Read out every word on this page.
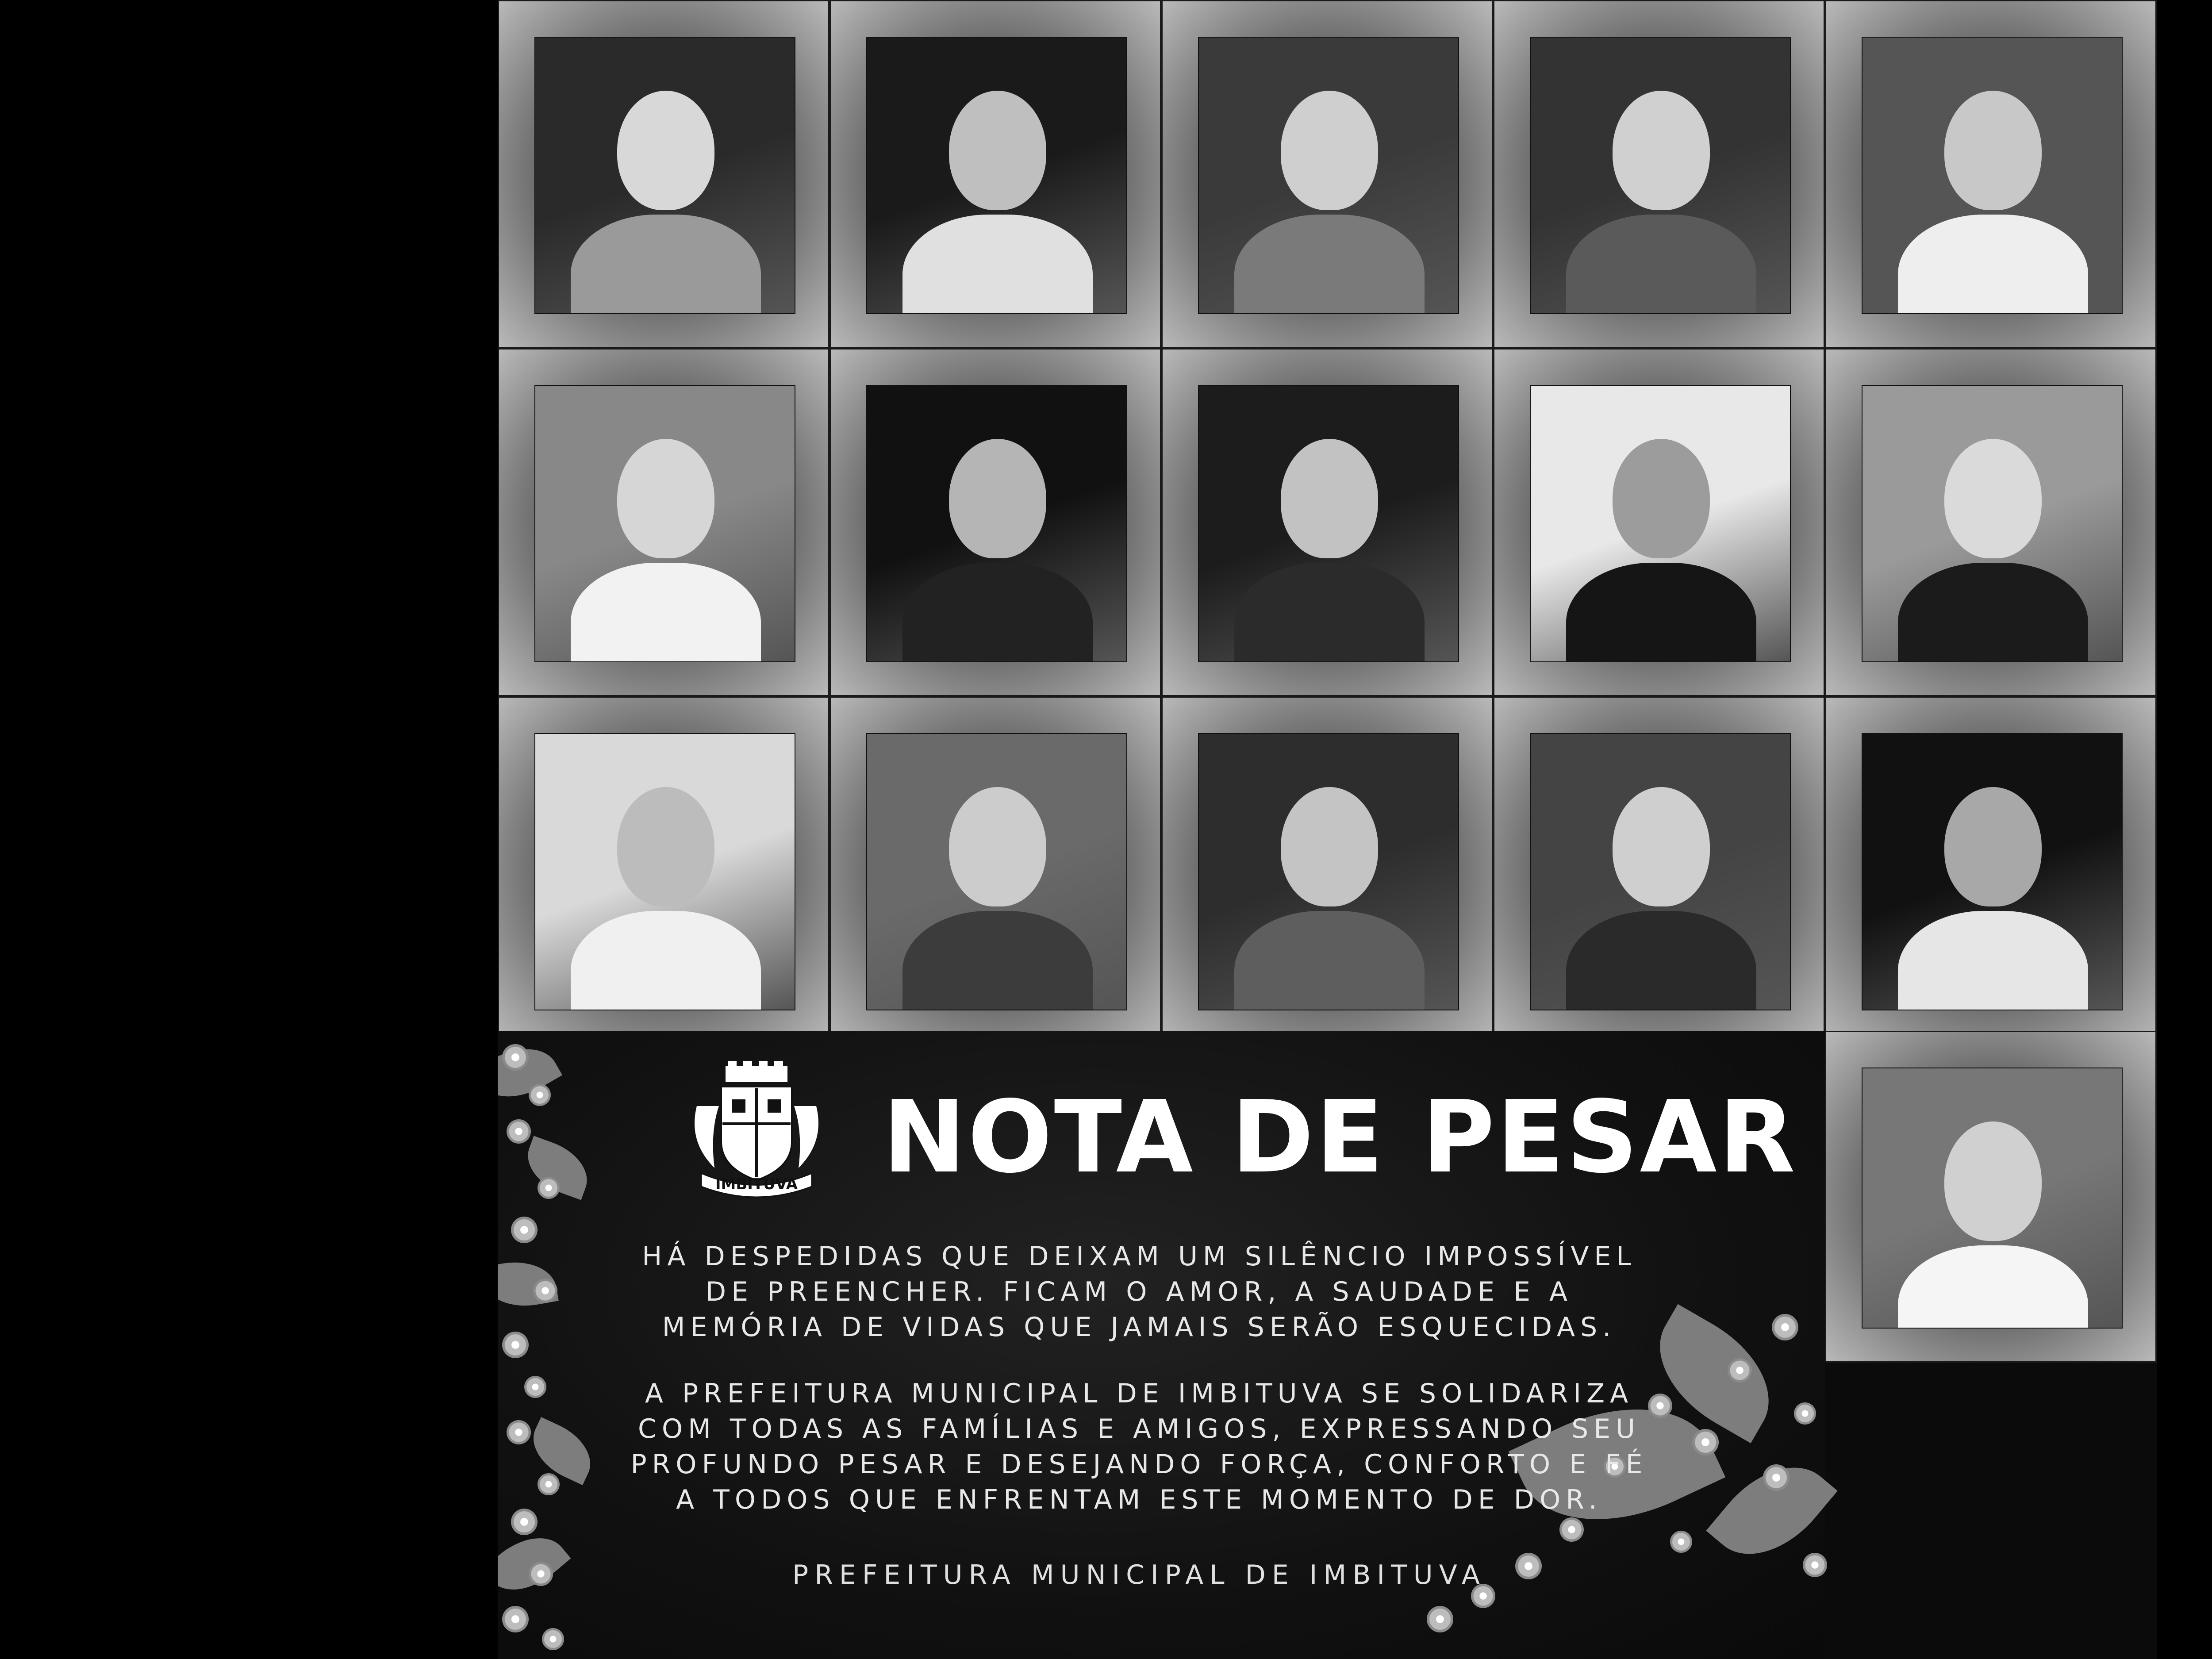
IMBITUVA NOTA DE PESAR
HÁ DESPEDIDAS QUE DEIXAM UM SILÊNCIO IMPOSSÍVEL DE PREENCHER. FICAM O AMOR, A SAUDADE E A MEMÓRIA DE VIDAS QUE JAMAIS SERÃO ESQUECIDAS.
A PREFEITURA MUNICIPAL DE IMBITUVA SE SOLIDARIZA COM TODAS AS FAMÍLIAS E AMIGOS, EXPRESSANDO SEU PROFUNDO PESAR E DESEJANDO FORÇA, CONFORTO E FÉ A TODOS QUE ENFRENTAM ESTE MOMENTO DE DOR.
PREFEITURA MUNICIPAL DE IMBITUVA
